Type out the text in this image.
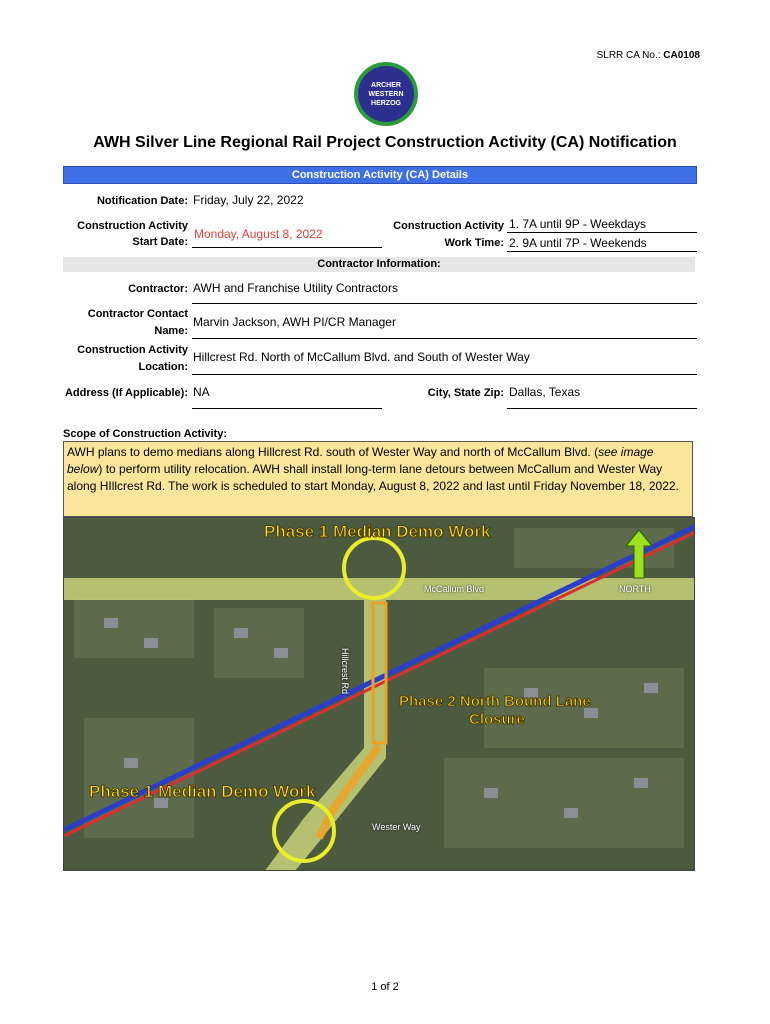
SLRR CA No.: CA0108
ARCHER
WESTERN
HERZOG
AWH Silver Line Regional Rail Project Construction Activity (CA) Notification
Construction Activity (CA) Details
Notification Date: Friday, July 22, 2022
Construction Activity
Start Date:
Monday, August 8, 2022
Construction Activity
Work Time:
1. 7A until 9P - Weekdays
2. 9A until 7P - Weekends
Contractor Information:
Contractor: AWH and Franchise Utility Contractors
Contractor Contact
Name:
Marvin Jackson, AWH PI/CR Manager
Construction Activity
Location:
Hillcrest Rd. North of McCallum Blvd. and South of Wester Way
Address (If Applicable): NA	City, State Zip: Dallas, Texas
Scope of Construction Activity:
AWH plans to demo medians along Hillcrest Rd. south of Wester Way and north of McCallum Blvd. (see image below) to perform utility relocation. AWH shall install long-term lane detours between McCallum and Wester Way along HIllcrest Rd. The work is scheduled to start Monday, August 8, 2022 and last until Friday November 18, 2022.
Phase 1 Median Demo Work
Phase 1 Median Demo Work
Phase 2 North Bound Lane
Closure
McCallum Blvd
Hillcrest Rd
Wester Way
NORTH
1 of 2
